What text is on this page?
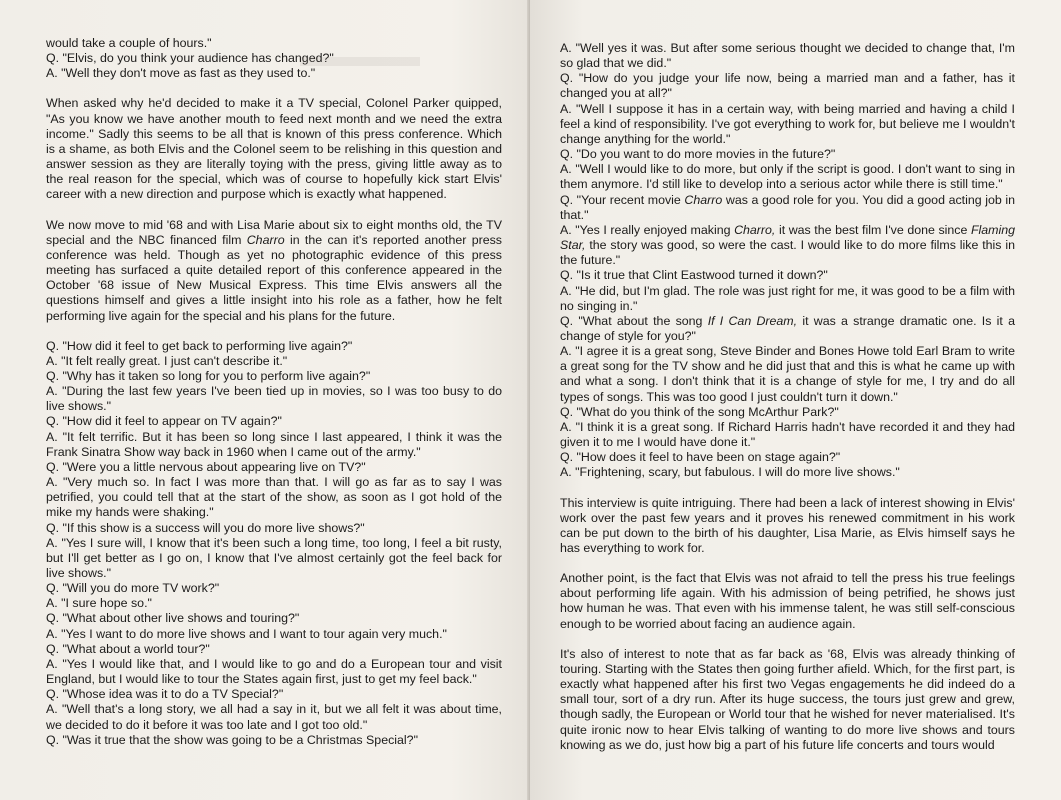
▬▬▬▬
would take a couple of hours."
Q. "Elvis, do you think your audience has changed?"
A. "Well they don't move as fast as they used to."

When asked why he'd decided to make it a TV special, Colonel Parker quipped, "As you know we have another mouth to feed next month and we need the extra income." Sadly this seems to be all that is known of this press conference. Which is a shame, as both Elvis and the Colonel seem to be relishing in this question and answer session as they are literally toying with the press, giving little away as to the real reason for the special, which was of course to hopefully kick start Elvis' career with a new direction and purpose which is exactly what happened.

We now move to mid '68 and with Lisa Marie about six to eight months old, the TV special and the NBC financed film Charro in the can it's reported another press conference was held. Though as yet no photographic evidence of this press meeting has surfaced a quite detailed report of this conference appeared in the October '68 issue of New Musical Express. This time Elvis answers all the questions himself and gives a little insight into his role as a father, how he felt performing live again for the special and his plans for the future.

Q. "How did it feel to get back to performing live again?"
A. "It felt really great. I just can't describe it."
Q. "Why has it taken so long for you to perform live again?"
A. "During the last few years I've been tied up in movies, so I was too busy to do live shows."
Q. "How did it feel to appear on TV again?"
A. "It felt terrific. But it has been so long since I last appeared, I think it was the Frank Sinatra Show way back in 1960 when I came out of the army."
Q. "Were you a little nervous about appearing live on TV?"
A. "Very much so. In fact I was more than that. I will go as far as to say I was petrified, you could tell that at the start of the show, as soon as I got hold of the mike my hands were shaking."
Q. "If this show is a success will you do more live shows?"
A. "Yes I sure will, I know that it's been such a long time, too long, I feel a bit rusty, but I'll get better as I go on, I know that I've almost certainly got the feel back for live shows."
Q. "Will you do more TV work?"
A. "I sure hope so."
Q. "What about other live shows and touring?"
A. "Yes I want to do more live shows and I want to tour again very much."
Q. "What about a world tour?"
A. "Yes I would like that, and I would like to go and do a European tour and visit England, but I would like to tour the States again first, just to get my feel back."
Q. "Whose idea was it to do a TV Special?"
A. "Well that's a long story, we all had a say in it, but we all felt it was about time, we decided to do it before it was too late and I got too old."
Q. "Was it true that the show was going to be a Christmas Special?"
A. "Well yes it was. But after some serious thought we decided to change that, I'm so glad that we did."
Q. "How do you judge your life now, being a married man and a father, has it changed you at all?"
A. "Well I suppose it has in a certain way, with being married and having a child I feel a kind of responsibility. I've got everything to work for, but believe me I wouldn't change anything for the world."
Q. "Do you want to do more movies in the future?"
A. "Well I would like to do more, but only if the script is good. I don't want to sing in them anymore. I'd still like to develop into a serious actor while there is still time."
Q. "Your recent movie Charro was a good role for you. You did a good acting job in that."
A. "Yes I really enjoyed making Charro, it was the best film I've done since Flaming Star, the story was good, so were the cast. I would like to do more films like this in the future."
Q. "Is it true that Clint Eastwood turned it down?"
A. "He did, but I'm glad. The role was just right for me, it was good to be a film with no singing in."
Q. "What about the song If I Can Dream, it was a strange dramatic one. Is it a change of style for you?"
A. "I agree it is a great song, Steve Binder and Bones Howe told Earl Bram to write a great song for the TV show and he did just that and this is what he came up with and what a song. I don't think that it is a change of style for me, I try and do all types of songs. This was too good I just couldn't turn it down."
Q. "What do you think of the song McArthur Park?"
A. "I think it is a great song. If Richard Harris hadn't have recorded it and they had given it to me I would have done it."
Q. "How does it feel to have been on stage again?"
A. "Frightening, scary, but fabulous. I will do more live shows."

This interview is quite intriguing. There had been a lack of interest showing in Elvis' work over the past few years and it proves his renewed commitment in his work can be put down to the birth of his daughter, Lisa Marie, as Elvis himself says he has everything to work for.

Another point, is the fact that Elvis was not afraid to tell the press his true feelings about performing life again. With his admission of being petrified, he shows just how human he was. That even with his immense talent, he was still self-conscious enough to be worried about facing an audience again.

It's also of interest to note that as far back as '68, Elvis was already thinking of touring. Starting with the States then going further afield. Which, for the first part, is exactly what happened after his first two Vegas engagements he did indeed do a small tour, sort of a dry run. After its huge success, the tours just grew and grew, though sadly, the European or World tour that he wished for never materialised. It's quite ironic now to hear Elvis talking of wanting to do more live shows and tours knowing as we do, just how big a part of his future life concerts and tours would
